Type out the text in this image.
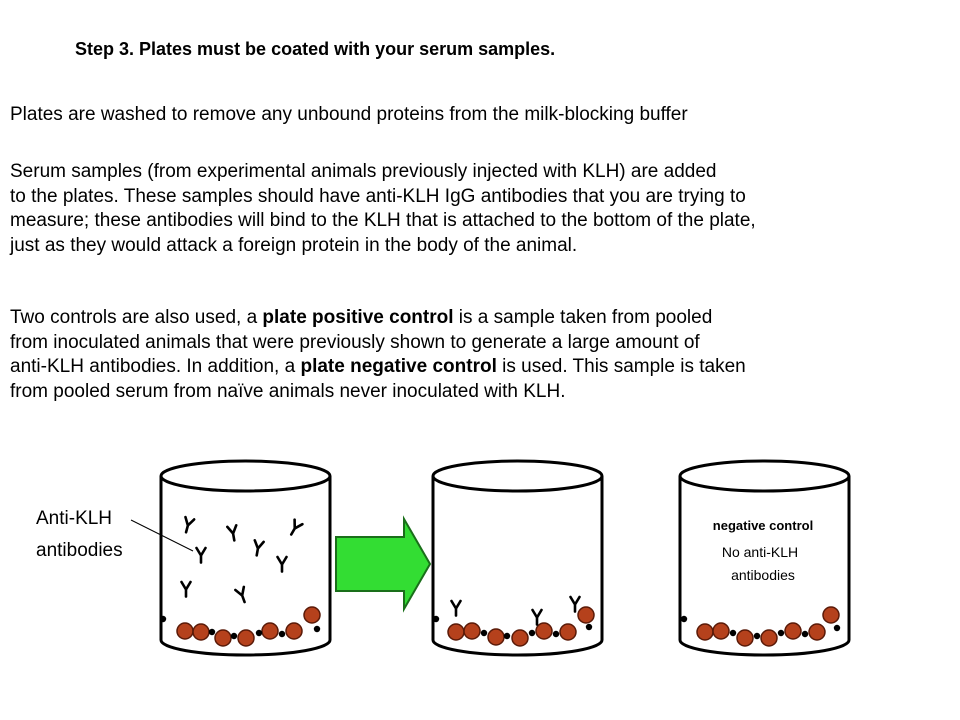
Step 3. Plates must be coated with your serum samples.

Plates are washed to remove any unbound proteins from the milk-blocking buffer

Serum samples (from experimental animals previously injected with KLH) are added
to the plates. These samples should have anti-KLH IgG antibodies that you are trying to
measure; these antibodies will bind to the KLH that is attached to the bottom of the plate,
just as they would attack a foreign protein in the body of the animal.

Two controls are also used, a plate positive control is a sample taken from pooled
from inoculated animals that were previously shown to generate a large amount of
anti-KLH antibodies. In addition, a plate negative control is used. This sample is taken
from pooled serum from naïve animals never inoculated with KLH.

Anti-KLH
antibodies
negative control
No anti-KLH
antibodies
